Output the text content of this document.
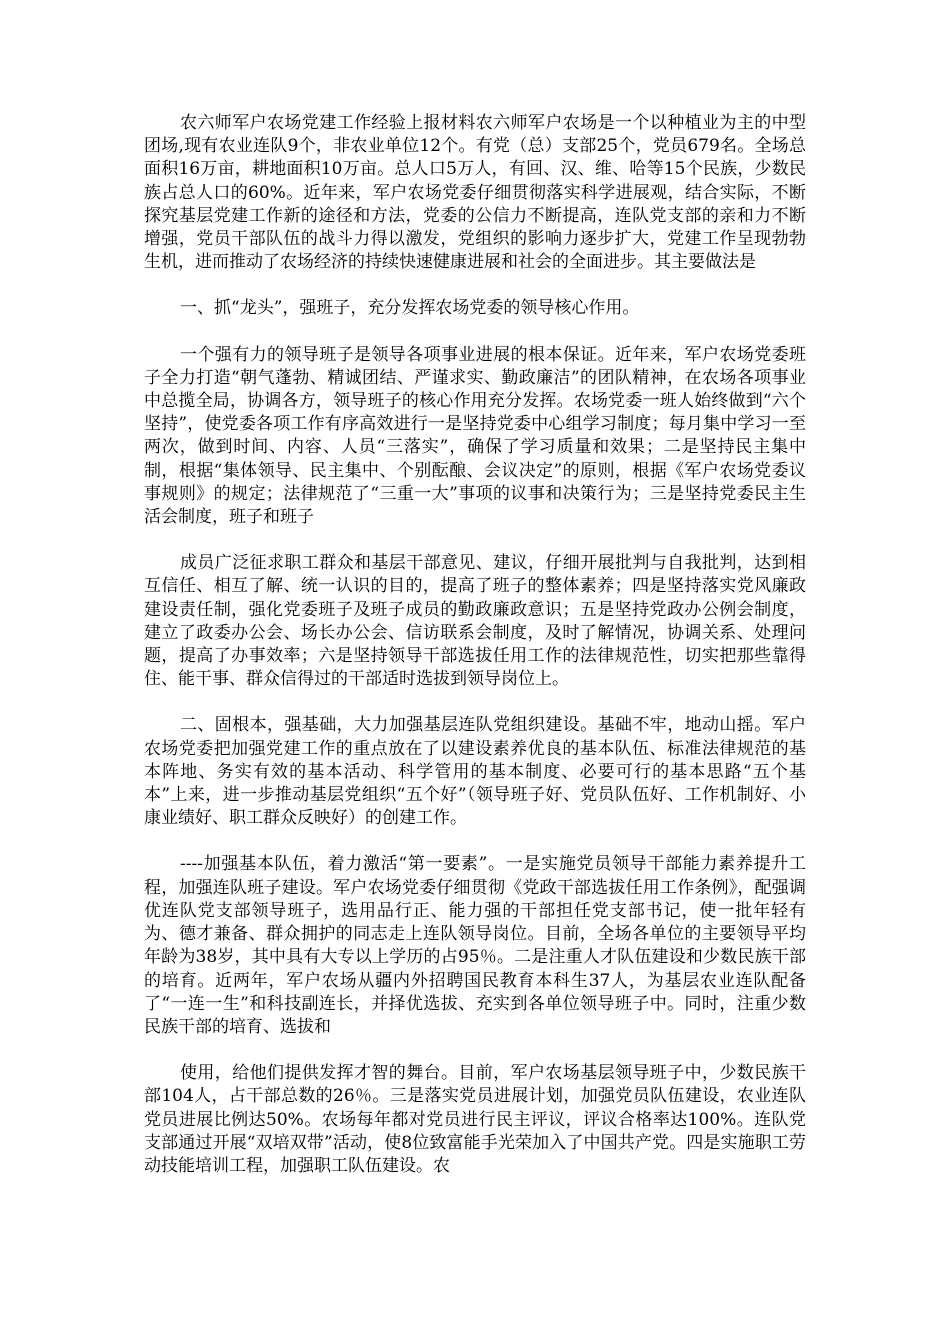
农六师军户农场党建工作经验上报材料农六师军户农场是一个以种植业为主的中型团场,现有农业连队9个，非农业单位12个。有党（总）支部25个，党员679名。全场总面积16万亩，耕地面积10万亩。总人口5万人，有回、汉、维、哈等15个民族，少数民族占总人口的60%。近年来，军户农场党委仔细贯彻落实科学进展观，结合实际，不断探究基层党建工作新的途径和方法，党委的公信力不断提高，连队党支部的亲和力不断增强，党员干部队伍的战斗力得以激发，党组织的影响力逐步扩大，党建工作呈现勃勃生机，进而推动了农场经济的持续快速健康进展和社会的全面进步。其主要做法是

一、抓“龙头”，强班子，充分发挥农场党委的领导核心作用。

一个强有力的领导班子是领导各项事业进展的根本保证。近年来，军户农场党委班子全力打造“朝气蓬勃、精诚团结、严谨求实、勤政廉洁”的团队精神，在农场各项事业中总揽全局，协调各方，领导班子的核心作用充分发挥。农场党委一班人始终做到“六个坚持”，使党委各项工作有序高效进行一是坚持党委中心组学习制度；每月集中学习一至两次，做到时间、内容、人员“三落实”，确保了学习质量和效果；二是坚持民主集中制，根据“集体领导、民主集中、个别酝酿、会议决定”的原则，根据《军户农场党委议事规则》的规定；法律规范了“三重一大”事项的议事和决策行为；三是坚持党委民主生活会制度，班子和班子

成员广泛征求职工群众和基层干部意见、建议，仔细开展批判与自我批判，达到相互信任、相互了解、统一认识的目的，提高了班子的整体素养；四是坚持落实党风廉政建设责任制，强化党委班子及班子成员的勤政廉政意识；五是坚持党政办公例会制度，建立了政委办公会、场长办公会、信访联系会制度，及时了解情况，协调关系、处理问题，提高了办事效率；六是坚持领导干部选拔任用工作的法律规范性，切实把那些靠得住、能干事、群众信得过的干部适时选拔到领导岗位上。

二、固根本，强基础，大力加强基层连队党组织建设。基础不牢，地动山摇。军户农场党委把加强党建工作的重点放在了以建设素养优良的基本队伍、标准法律规范的基本阵地、务实有效的基本活动、科学管用的基本制度、必要可行的基本思路“五个基本”上来，进一步推动基层党组织“五个好”（领导班子好、党员队伍好、工作机制好、小康业绩好、职工群众反映好）的创建工作。

----加强基本队伍，着力激活“第一要素”。一是实施党员领导干部能力素养提升工程，加强连队班子建设。军户农场党委仔细贯彻《党政干部选拔任用工作条例》，配强调优连队党支部领导班子，选用品行正、能力强的干部担任党支部书记，使一批年轻有为、德才兼备、群众拥护的同志走上连队领导岗位。目前，全场各单位的主要领导平均年龄为38岁，其中具有大专以上学历的占95％。二是注重人才队伍建设和少数民族干部的培育。近两年，军户农场从疆内外招聘国民教育本科生37人，为基层农业连队配备了“一连一生”和科技副连长，并择优选拔、充实到各单位领导班子中。同时，注重少数民族干部的培育、选拔和

使用，给他们提供发挥才智的舞台。目前，军户农场基层领导班子中，少数民族干部104人，占干部总数的26％。三是落实党员进展计划，加强党员队伍建设，农业连队党员进展比例达50%。农场每年都对党员进行民主评议，评议合格率达100%。连队党支部通过开展“双培双带”活动，使8位致富能手光荣加入了中国共产党。四是实施职工劳动技能培训工程，加强职工队伍建设。农
